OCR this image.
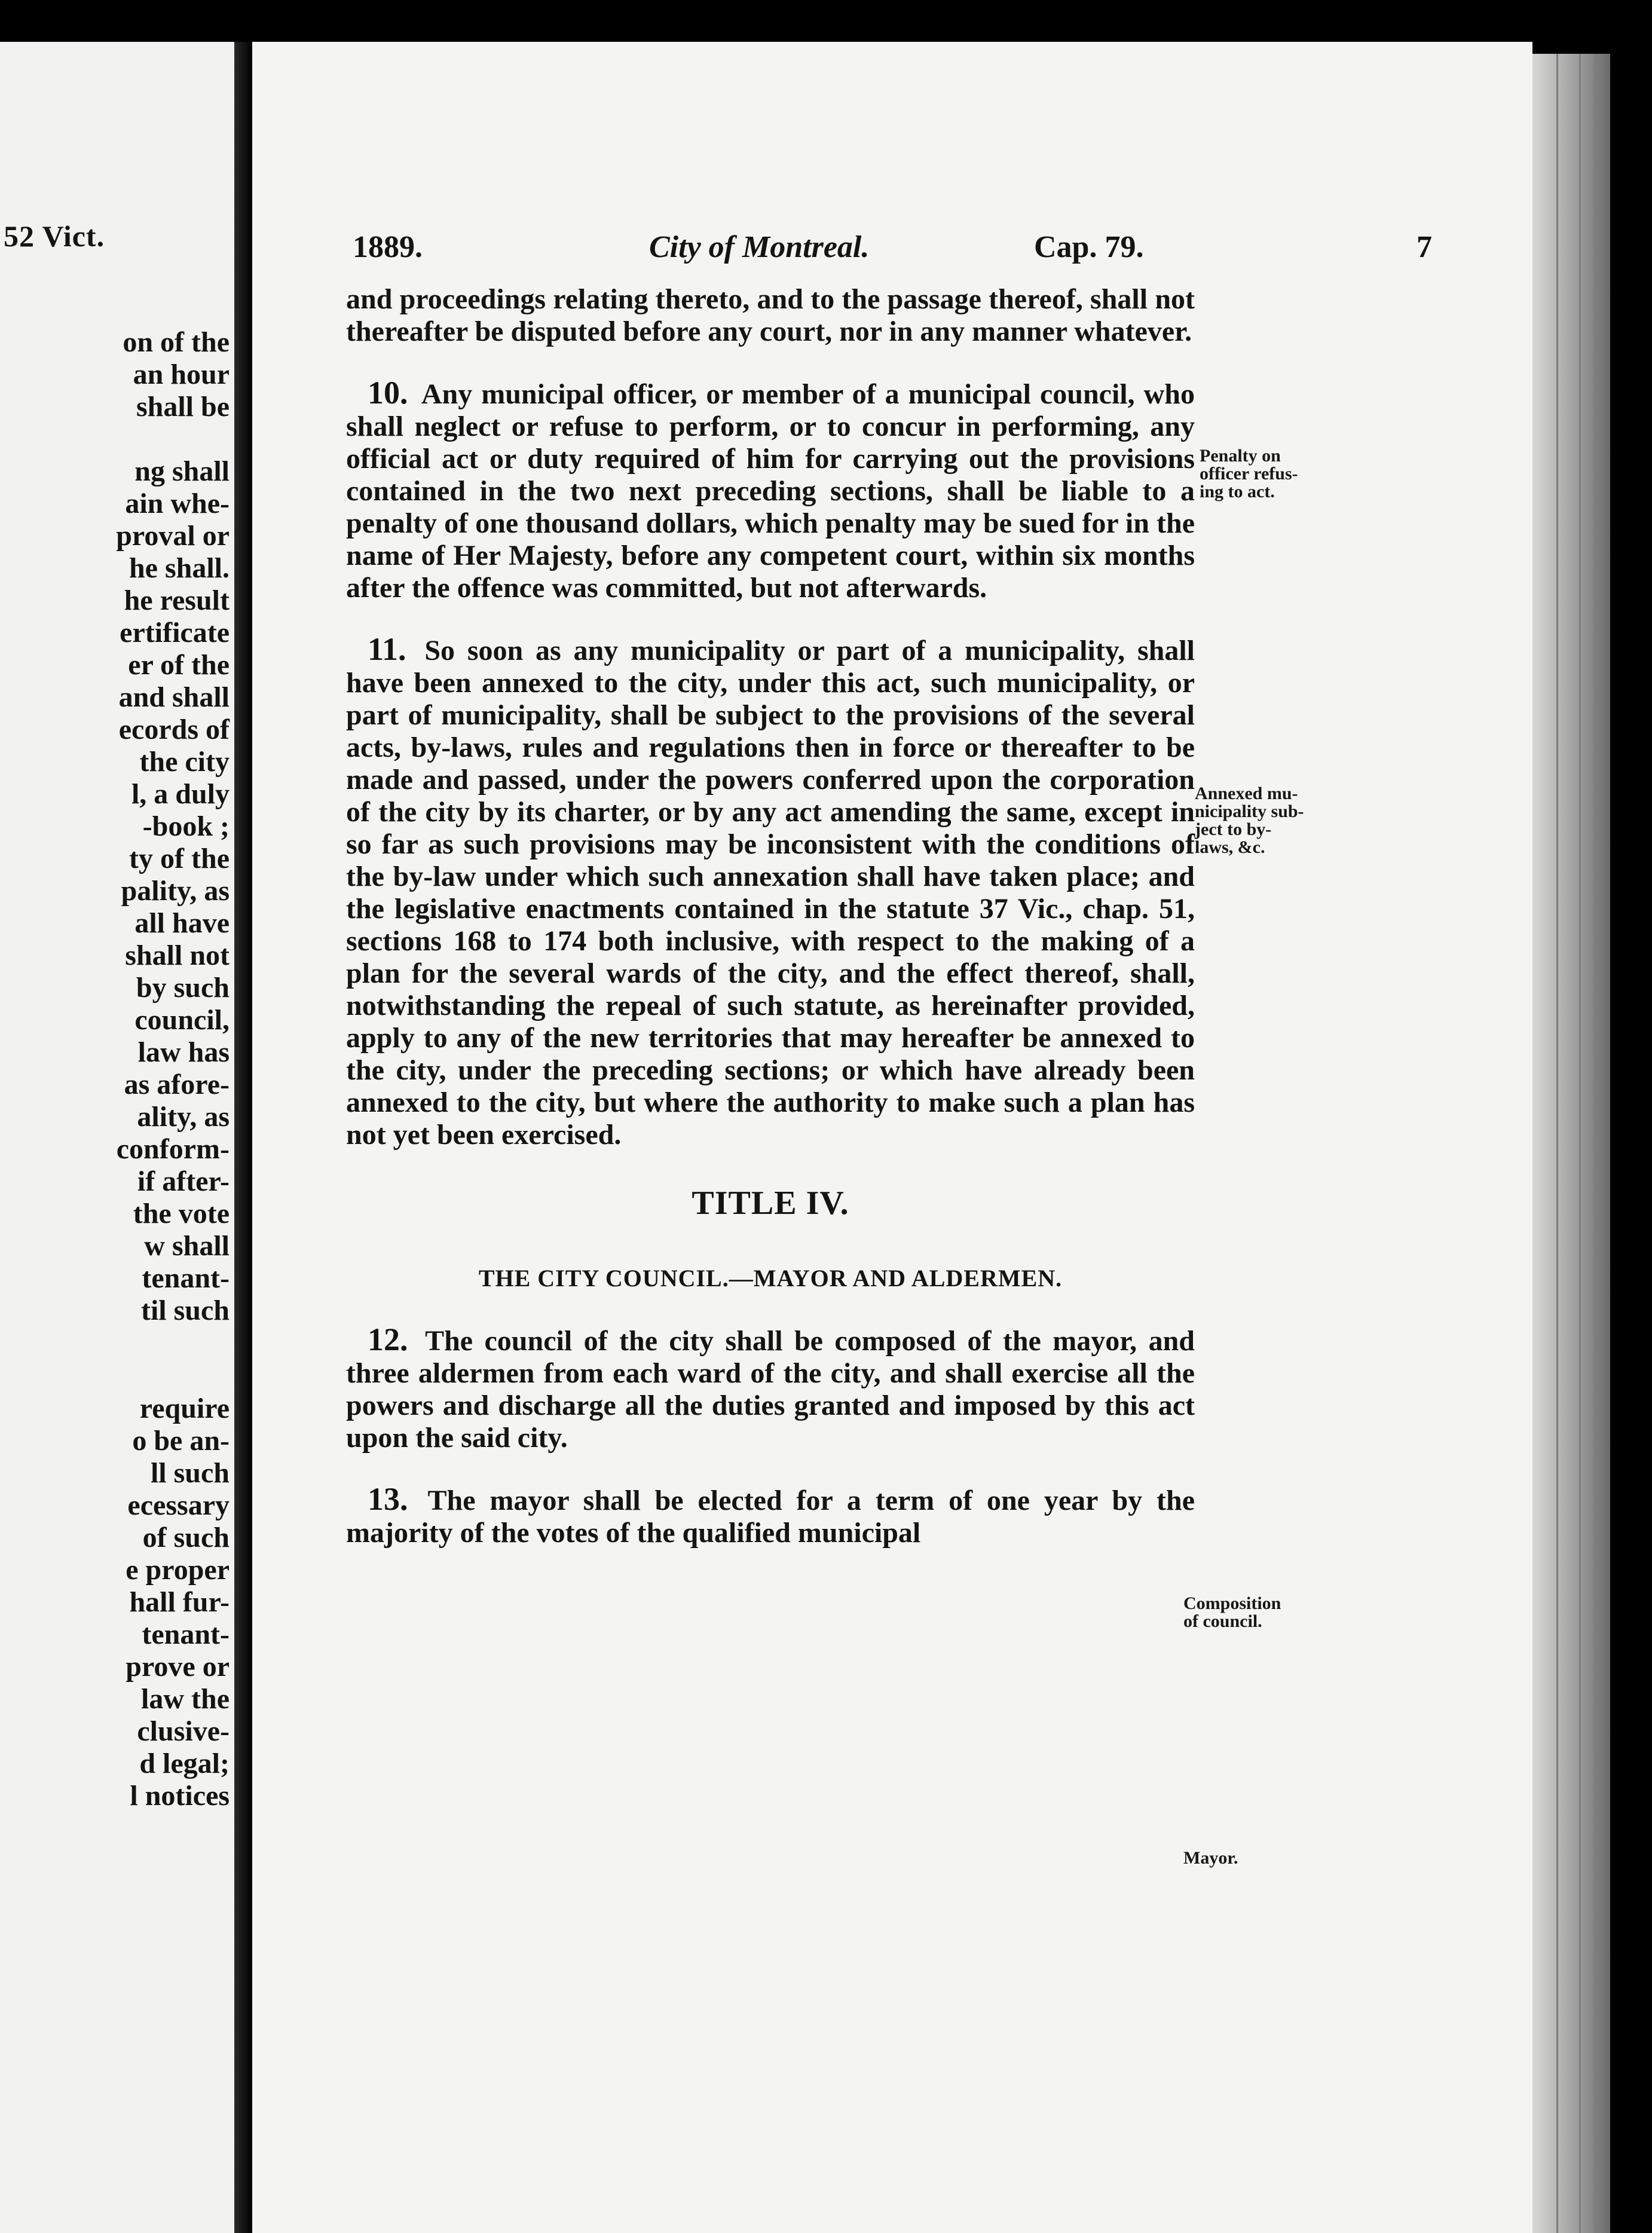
52 Vict.
on of the
an hour
shall be
ng shall
ain whe-
proval or
he shall.
he result
ertificate
er of the
and shall
ecords of
the city
l, a duly
-book ;
ty of the
pality, as
all have
shall not
by such
council,
law has
as afore-
ality, as
conform-
if after-
the vote
w shall
tenant-
til such
require
o be an-
ll such
ecessary
of such
e proper
hall fur-
tenant-
prove or
law the
clusive-
d legal;
l notices
1889.	City of Montreal.	Cap. 79.	7

and proceedings relating thereto, and to the passage thereof, shall not thereafter be disputed before any court, nor in any manner whatever.

10. Any municipal officer, or member of a municipal council, who shall neglect or refuse to perform, or to concur in performing, any official act or duty required of him for carrying out the provisions contained in the two next preceding sections, shall be liable to a penalty of one thousand dollars, which penalty may be sued for in the name of Her Majesty, before any competent court, within six months after the offence was committed, but not afterwards.

11. So soon as any municipality or part of a municipality, shall have been annexed to the city, under this act, such municipality, or part of municipality, shall be subject to the provisions of the several acts, by-laws, rules and regulations then in force or thereafter to be made and passed, under the powers conferred upon the corporation of the city by its charter, or by any act amending the same, except in so far as such provisions may be inconsistent with the conditions of the by-law under which such annexation shall have taken place; and the legislative enactments contained in the statute 37 Vic., chap. 51, sections 168 to 174 both inclusive, with respect to the making of a plan for the several wards of the city, and the effect thereof, shall, notwithstanding the repeal of such statute, as hereinafter provided, apply to any of the new territories that may hereafter be annexed to the city, under the preceding sections; or which have already been annexed to the city, but where the authority to make such a plan has not yet been exercised.

TITLE IV.
THE CITY COUNCIL.—MAYOR AND ALDERMEN.

12. The council of the city shall be composed of the mayor, and three aldermen from each ward of the city, and shall exercise all the powers and discharge all the duties granted and imposed by this act upon the said city.

13. The mayor shall be elected for a term of one year by the majority of the votes of the qualified municipal

Penalty on
officer refus-
ing to act.
Annexed mu-
nicipality sub-
ject to by-
laws, &c.
Composition
of council.
Mayor.
